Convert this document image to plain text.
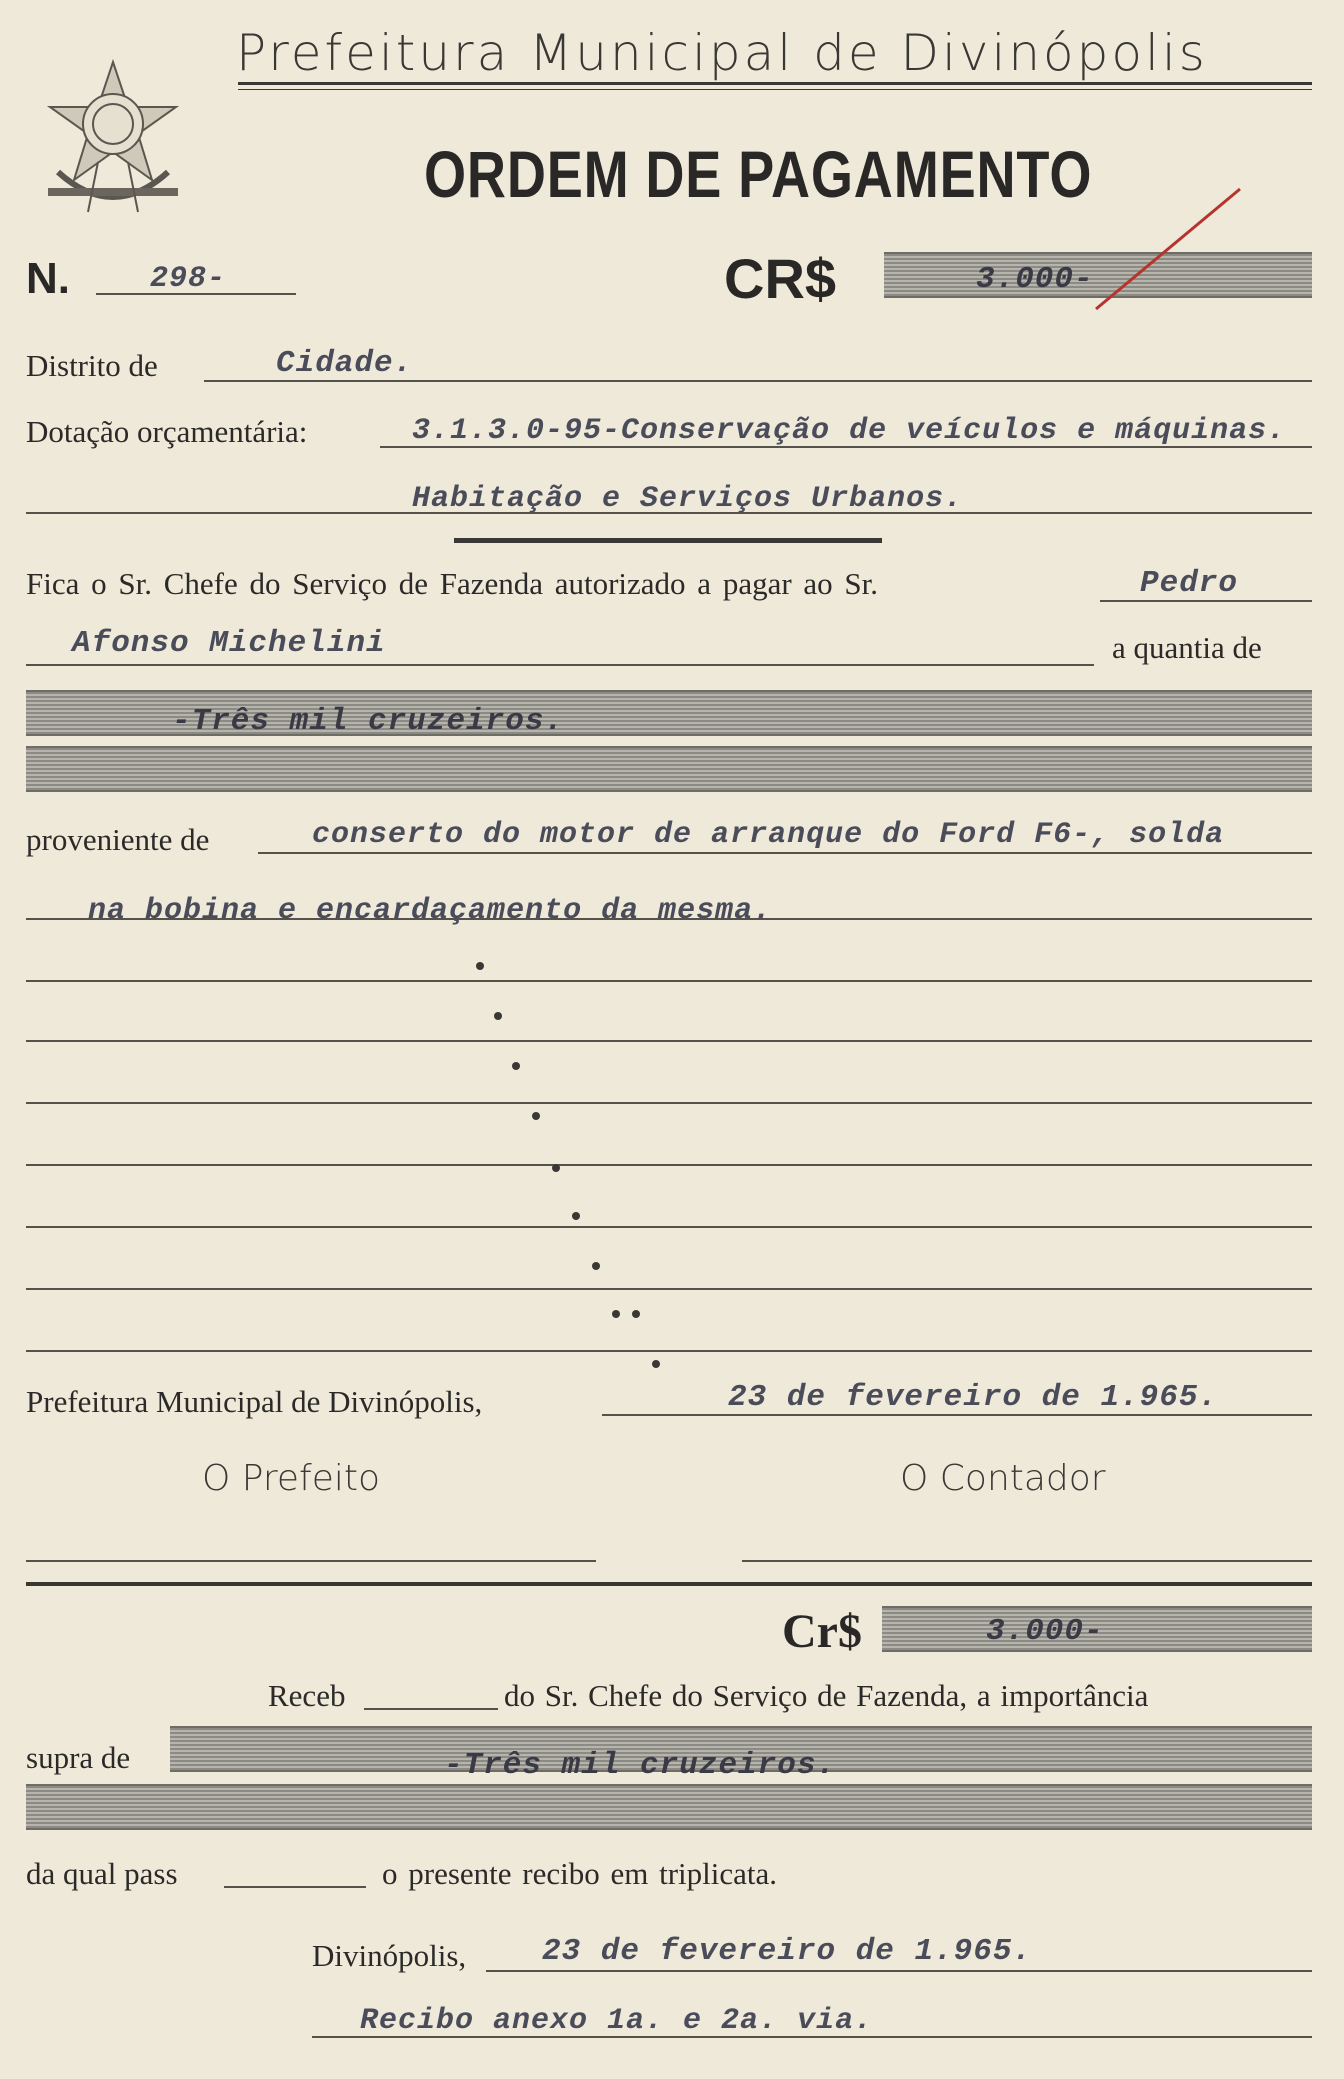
Prefeitura Municipal de Divinópolis
ORDEM DE PAGAMENTO
N.	298-	CR$	3.000-
Distrito de	Cidade.
Dotação orçamentária:	3.1.3.0-95-Conservação de veículos e máquinas.
Habitação e Serviços Urbanos.
Fica o Sr. Chefe do Serviço de Fazenda autorizado a pagar ao Sr.	Pedro
Afonso Michelini	a quantia de
-Três mil cruzeiros.
proveniente de	conserto do motor de arranque do Ford F6-, solda
na bobina e encardaçamento da mesma.
Prefeitura Municipal de Divinópolis,	23 de fevereiro de 1.965.
O Prefeito	O Contador
Cr$	3.000-
Receb	do Sr. Chefe do Serviço de Fazenda, a importância
supra de	-Três mil cruzeiros.
da qual pass	o presente recibo em triplicata.
Divinópolis, 23 de fevereiro de 1.965.
Recibo anexo 1a. e 2a. via.
